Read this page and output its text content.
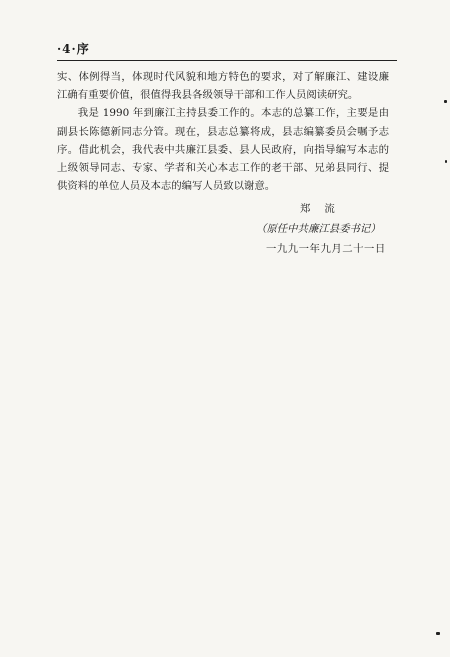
·4·序

实、体例得当，体现时代风貌和地方特色的要求，对了解廉江、建设廉江确有重要价值，很值得我县各级领导干部和工作人员阅读研究。

我是 1990 年到廉江主持县委工作的。本志的总纂工作，主要是由副县长陈德新同志分管。现在，县志总纂将成，县志编纂委员会嘱予志序。借此机会，我代表中共廉江县委、县人民政府，向指导编写本志的上级领导同志、专家、学者和关心本志工作的老干部、兄弟县同行、提供资料的单位人员及本志的编写人员致以谢意。

郑流
（原任中共廉江县委书记）
一九九一年九月二十一日
